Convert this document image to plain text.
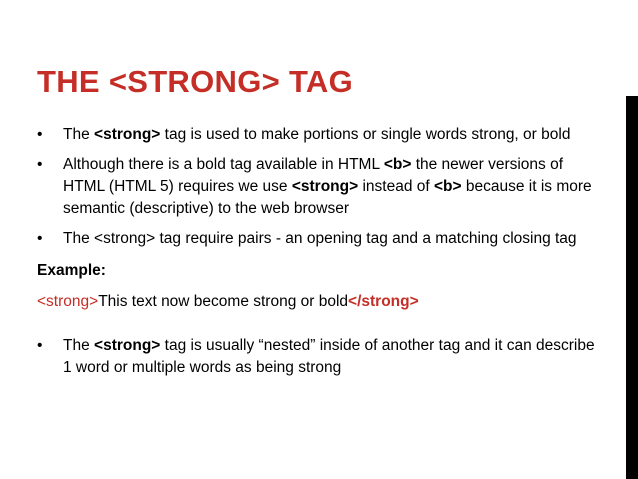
THE <STRONG> TAG
• The <strong> tag is used to make portions or single words strong, or bold
• Although there is a bold tag available in HTML <b> the newer versions of HTML (HTML 5) requires we use <strong> instead of <b> because it is more semantic (descriptive) to the web browser
• The <strong> tag require pairs - an opening tag and a matching closing tag
Example:
<strong>This text now become strong or bold</strong>
• The <strong> tag is usually “nested” inside of another tag and it can describe 1 word or multiple words as being strong
